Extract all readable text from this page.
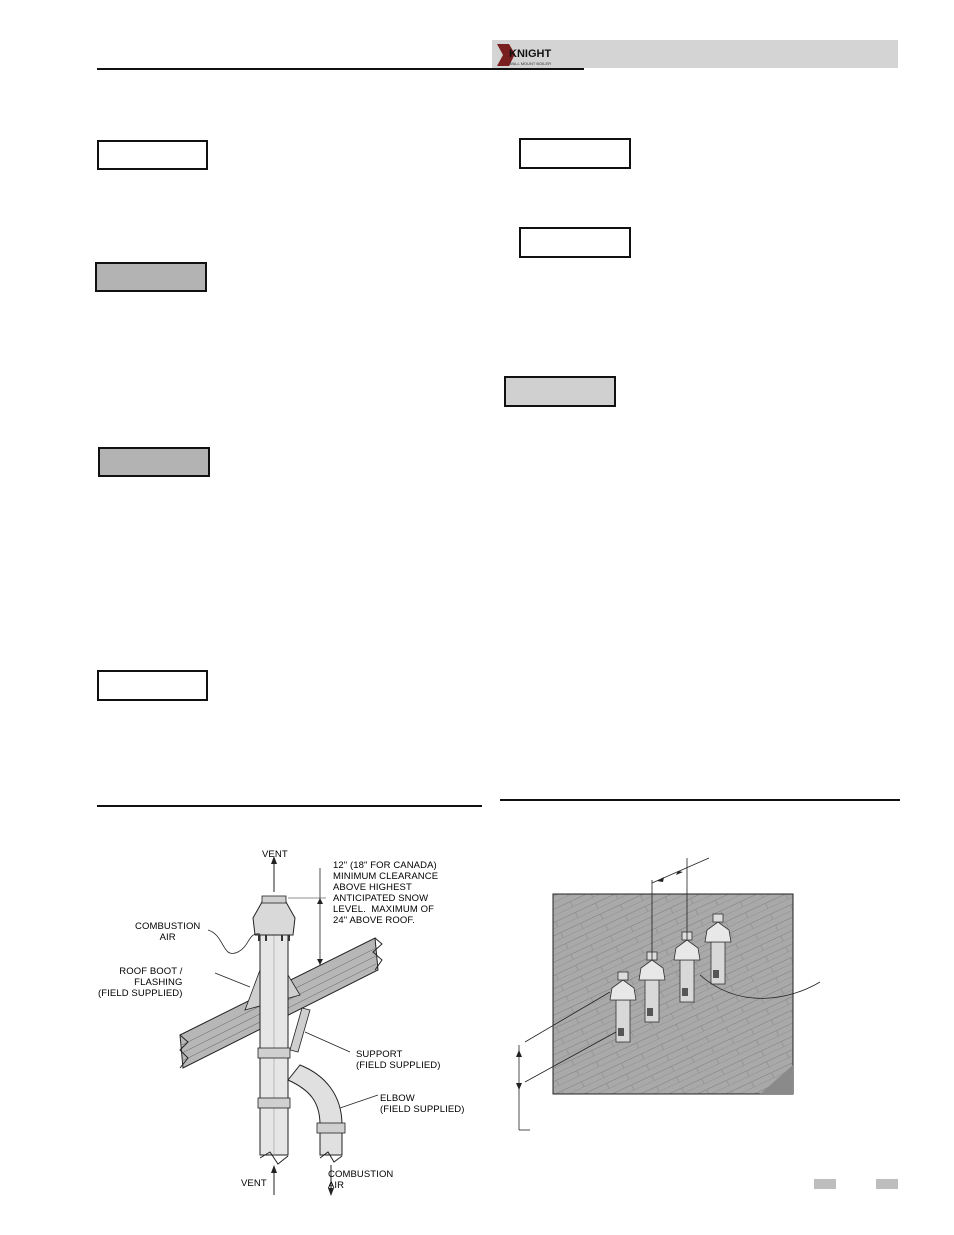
KNIGHT
WALL MOUNT BOILER
VENT
12" (18" FOR CANADA)
MINIMUM CLEARANCE
ABOVE HIGHEST
ANTICIPATED SNOW
LEVEL.  MAXIMUM OF
24" ABOVE ROOF.
COMBUSTION
AIR
ROOF BOOT /
FLASHING
(FIELD SUPPLIED)
SUPPORT
(FIELD SUPPLIED)
ELBOW
(FIELD SUPPLIED)
VENT
COMBUSTION
AIR
